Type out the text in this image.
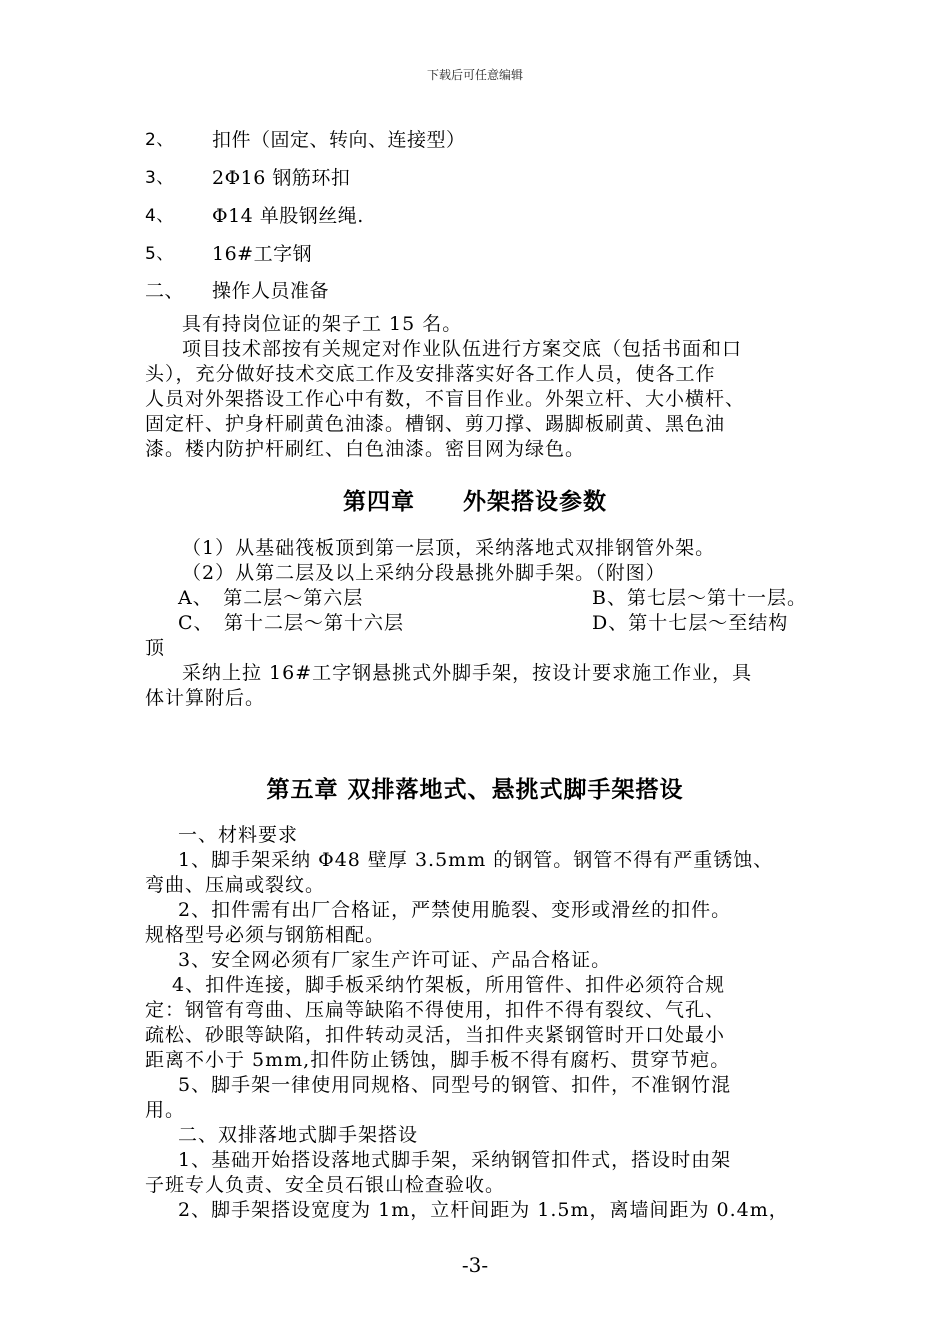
下载后可任意编辑
2、 扣件（固定、转向、连接型）
3、 2Φ16 钢筋环扣
4、 Φ14 单股钢丝绳.
5、 16#工字钢
二、 操作人员准备
具有持岗位证的架子工 15 名。
项目技术部按有关规定对作业队伍进行方案交底（包括书面和口
头），充分做好技术交底工作及安排落实好各工作人员，使各工作
人员对外架搭设工作心中有数，不盲目作业。外架立杆、大小横杆、
固定杆、护身杆刷黄色油漆。槽钢、剪刀撑、踢脚板刷黄、黑色油
漆。楼内防护杆刷红、白色油漆。密目网为绿色。
第四章　　外架搭设参数
（1）从基础筏板顶到第一层顶，采纳落地式双排钢管外架。
（2）从第二层及以上采纳分段悬挑外脚手架。（附图）
A、　第二层～第六层	B、第七层～第十一层。
C、　第十二层～第十六层	D、第十七层～至结构
顶
采纳上拉 16#工字钢悬挑式外脚手架，按设计要求施工作业，具
体计算附后。
第五章 双排落地式、悬挑式脚手架搭设
一、材料要求
1、脚手架采纳 Φ48 壁厚 3.5mm 的钢管。钢管不得有严重锈蚀、
弯曲、压扁或裂纹。
2、扣件需有出厂合格证，严禁使用脆裂、变形或滑丝的扣件。
规格型号必须与钢筋相配。
3、安全网必须有厂家生产许可证、产品合格证。
4、扣件连接，脚手板采纳竹架板，所用管件、扣件必须符合规
定：钢管有弯曲、压扁等缺陷不得使用，扣件不得有裂纹、气孔、
疏松、砂眼等缺陷，扣件转动灵活，当扣件夹紧钢管时开口处最小
距离不小于 5mm,扣件防止锈蚀，脚手板不得有腐朽、贯穿节疤。
5、脚手架一律使用同规格、同型号的钢管、扣件，不准钢竹混
用。
二、双排落地式脚手架搭设
1、基础开始搭设落地式脚手架，采纳钢管扣件式，搭设时由架
子班专人负责、安全员石银山检查验收。
2、脚手架搭设宽度为 1m，立杆间距为 1.5m，离墙间距为 0.4m，
-3-
